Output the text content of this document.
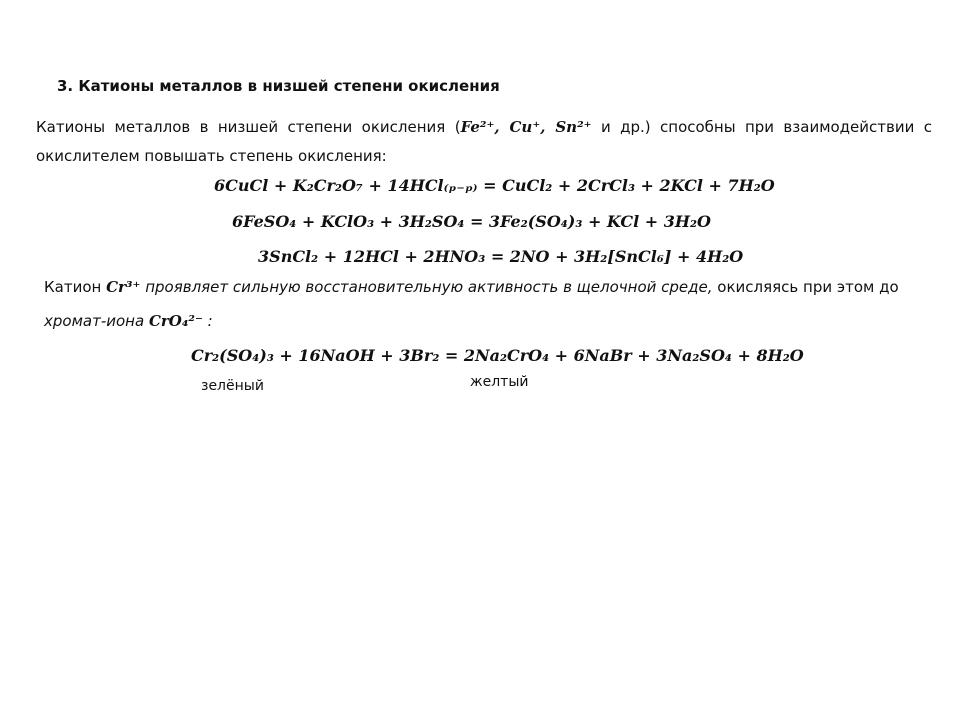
3. Катионы металлов в низшей степени окисления
Катионы металлов в низшей степени окисления (Fe²⁺, Cu⁺, Sn²⁺ и др.) способны при взаимодействии с
окислителем повышать степень окисления:
6CuCl + K₂Cr₂O₇ + 14HCl₍ₚ₋ₚ₎ = CuCl₂ + 2CrCl₃ + 2KCl + 7H₂O
6FeSO₄ + KClO₃ + 3H₂SO₄ = 3Fe₂(SO₄)₃ + KCl + 3H₂O
3SnCl₂ + 12HCl + 2HNO₃ = 2NO + 3H₂[SnCl₆] + 4H₂O
Катион Cr³⁺ проявляет сильную восстановительную активность в щелочной среде, окисляясь при этом до
хромат-иона CrO₄²⁻ :
Cr₂(SO₄)₃ + 16NaOH + 3Br₂ = 2Na₂CrO₄ + 6NaBr + 3Na₂SO₄ + 8H₂O
зелёный	желтый
